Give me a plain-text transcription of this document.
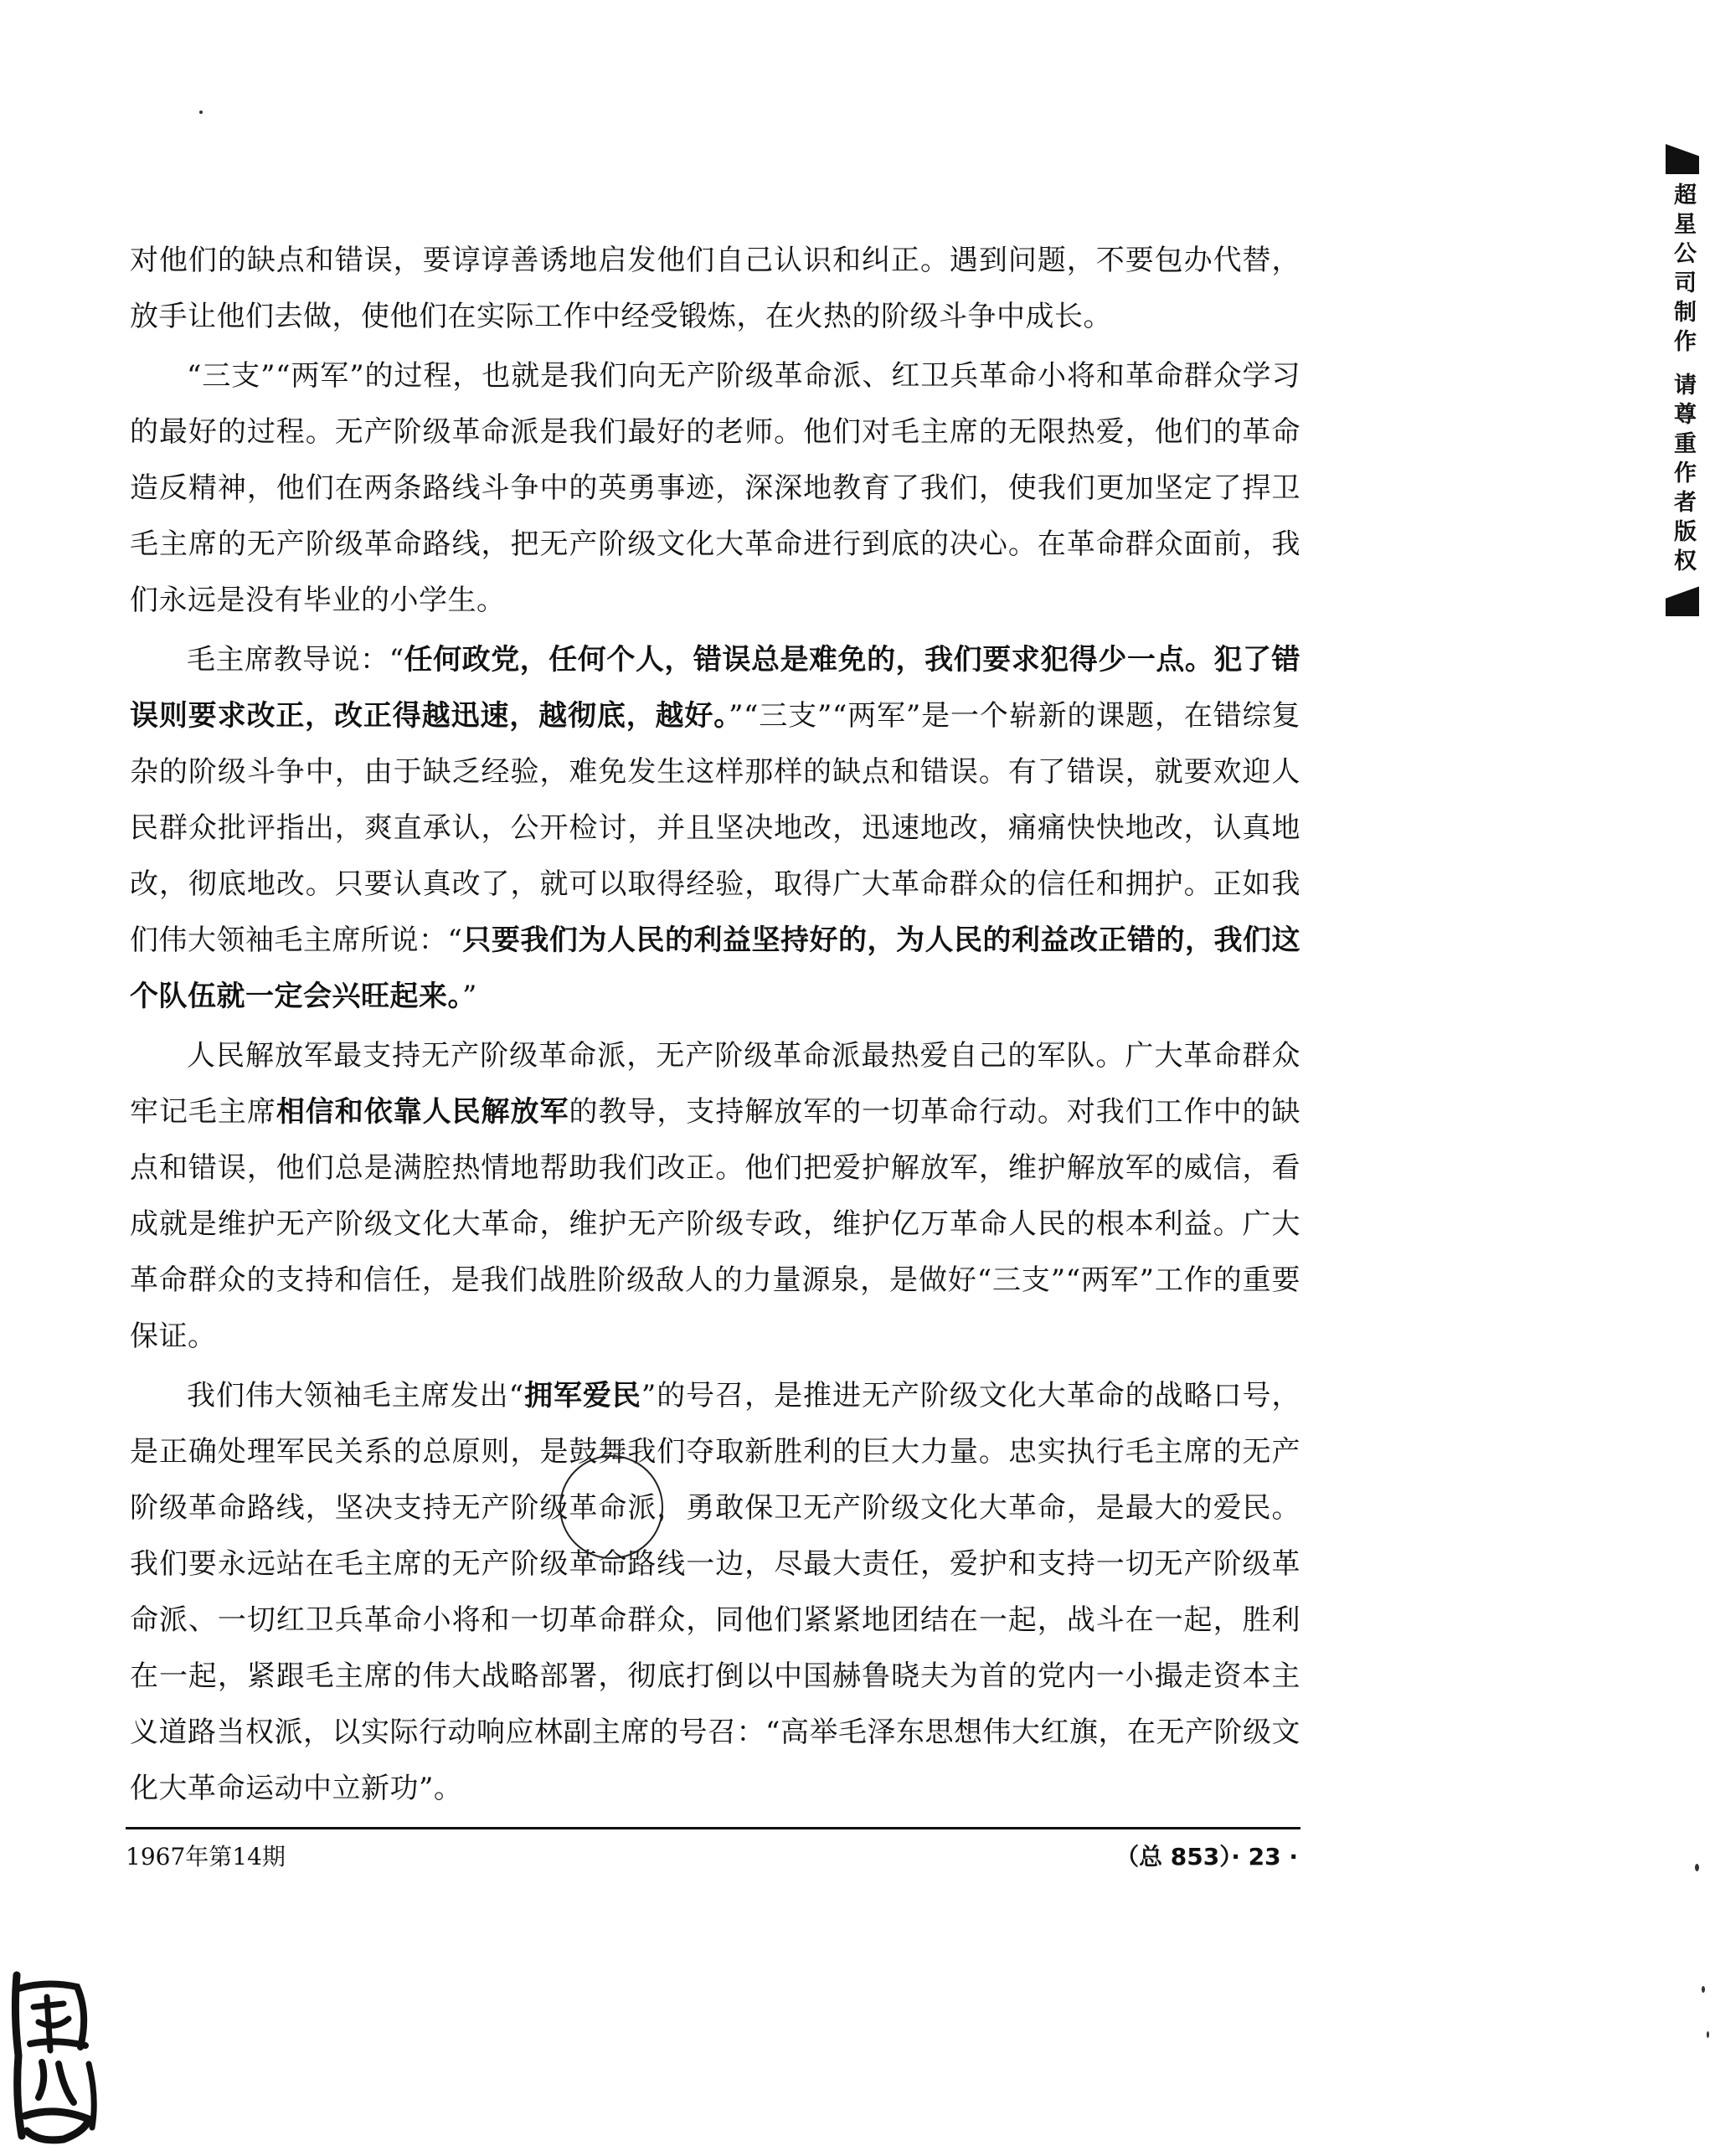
对他们的缺点和错误，要谆谆善诱地启发他们自己认识和纠正。遇到问题，不要包办代替，放手让他们去做，使他们在实际工作中经受锻炼，在火热的阶级斗争中成长。

“三支”“两军”的过程，也就是我们向无产阶级革命派、红卫兵革命小将和革命群众学习的最好的过程。无产阶级革命派是我们最好的老师。他们对毛主席的无限热爱，他们的革命造反精神，他们在两条路线斗争中的英勇事迹，深深地教育了我们，使我们更加坚定了捍卫毛主席的无产阶级革命路线，把无产阶级文化大革命进行到底的决心。在革命群众面前，我们永远是没有毕业的小学生。

毛主席教导说：“任何政党，任何个人，错误总是难免的，我们要求犯得少一点。犯了错误则要求改正，改正得越迅速，越彻底，越好。”“三支”“两军”是一个崭新的课题，在错综复杂的阶级斗争中，由于缺乏经验，难免发生这样那样的缺点和错误。有了错误，就要欢迎人民群众批评指出，爽直承认，公开检讨，并且坚决地改，迅速地改，痛痛快快地改，认真地改，彻底地改。只要认真改了，就可以取得经验，取得广大革命群众的信任和拥护。正如我们伟大领袖毛主席所说：“只要我们为人民的利益坚持好的，为人民的利益改正错的，我们这个队伍就一定会兴旺起来。”

人民解放军最支持无产阶级革命派，无产阶级革命派最热爱自己的军队。广大革命群众牢记毛主席相信和依靠人民解放军的教导，支持解放军的一切革命行动。对我们工作中的缺点和错误，他们总是满腔热情地帮助我们改正。他们把爱护解放军，维护解放军的威信，看成就是维护无产阶级文化大革命，维护无产阶级专政，维护亿万革命人民的根本利益。广大革命群众的支持和信任，是我们战胜阶级敌人的力量源泉，是做好“三支”“两军”工作的重要保证。

我们伟大领袖毛主席发出“拥军爱民”的号召，是推进无产阶级文化大革命的战略口号，是正确处理军民关系的总原则，是鼓舞我们夺取新胜利的巨大力量。忠实执行毛主席的无产阶级革命路线，坚决支持无产阶级革命派，勇敢保卫无产阶级文化大革命，是最大的爱民。我们要永远站在毛主席的无产阶级革命路线一边，尽最大责任，爱护和支持一切无产阶级革命派、一切红卫兵革命小将和一切革命群众，同他们紧紧地团结在一起，战斗在一起，胜利在一起，紧跟毛主席的伟大战略部署，彻底打倒以中国赫鲁晓夫为首的党内一小撮走资本主义道路当权派，以实际行动响应林副主席的号召：“高举毛泽东思想伟大红旗，在无产阶级文化大革命运动中立新功”。

1967年第14期	（总 853）· 23 ·
超星公司制作 请尊重作者版权
